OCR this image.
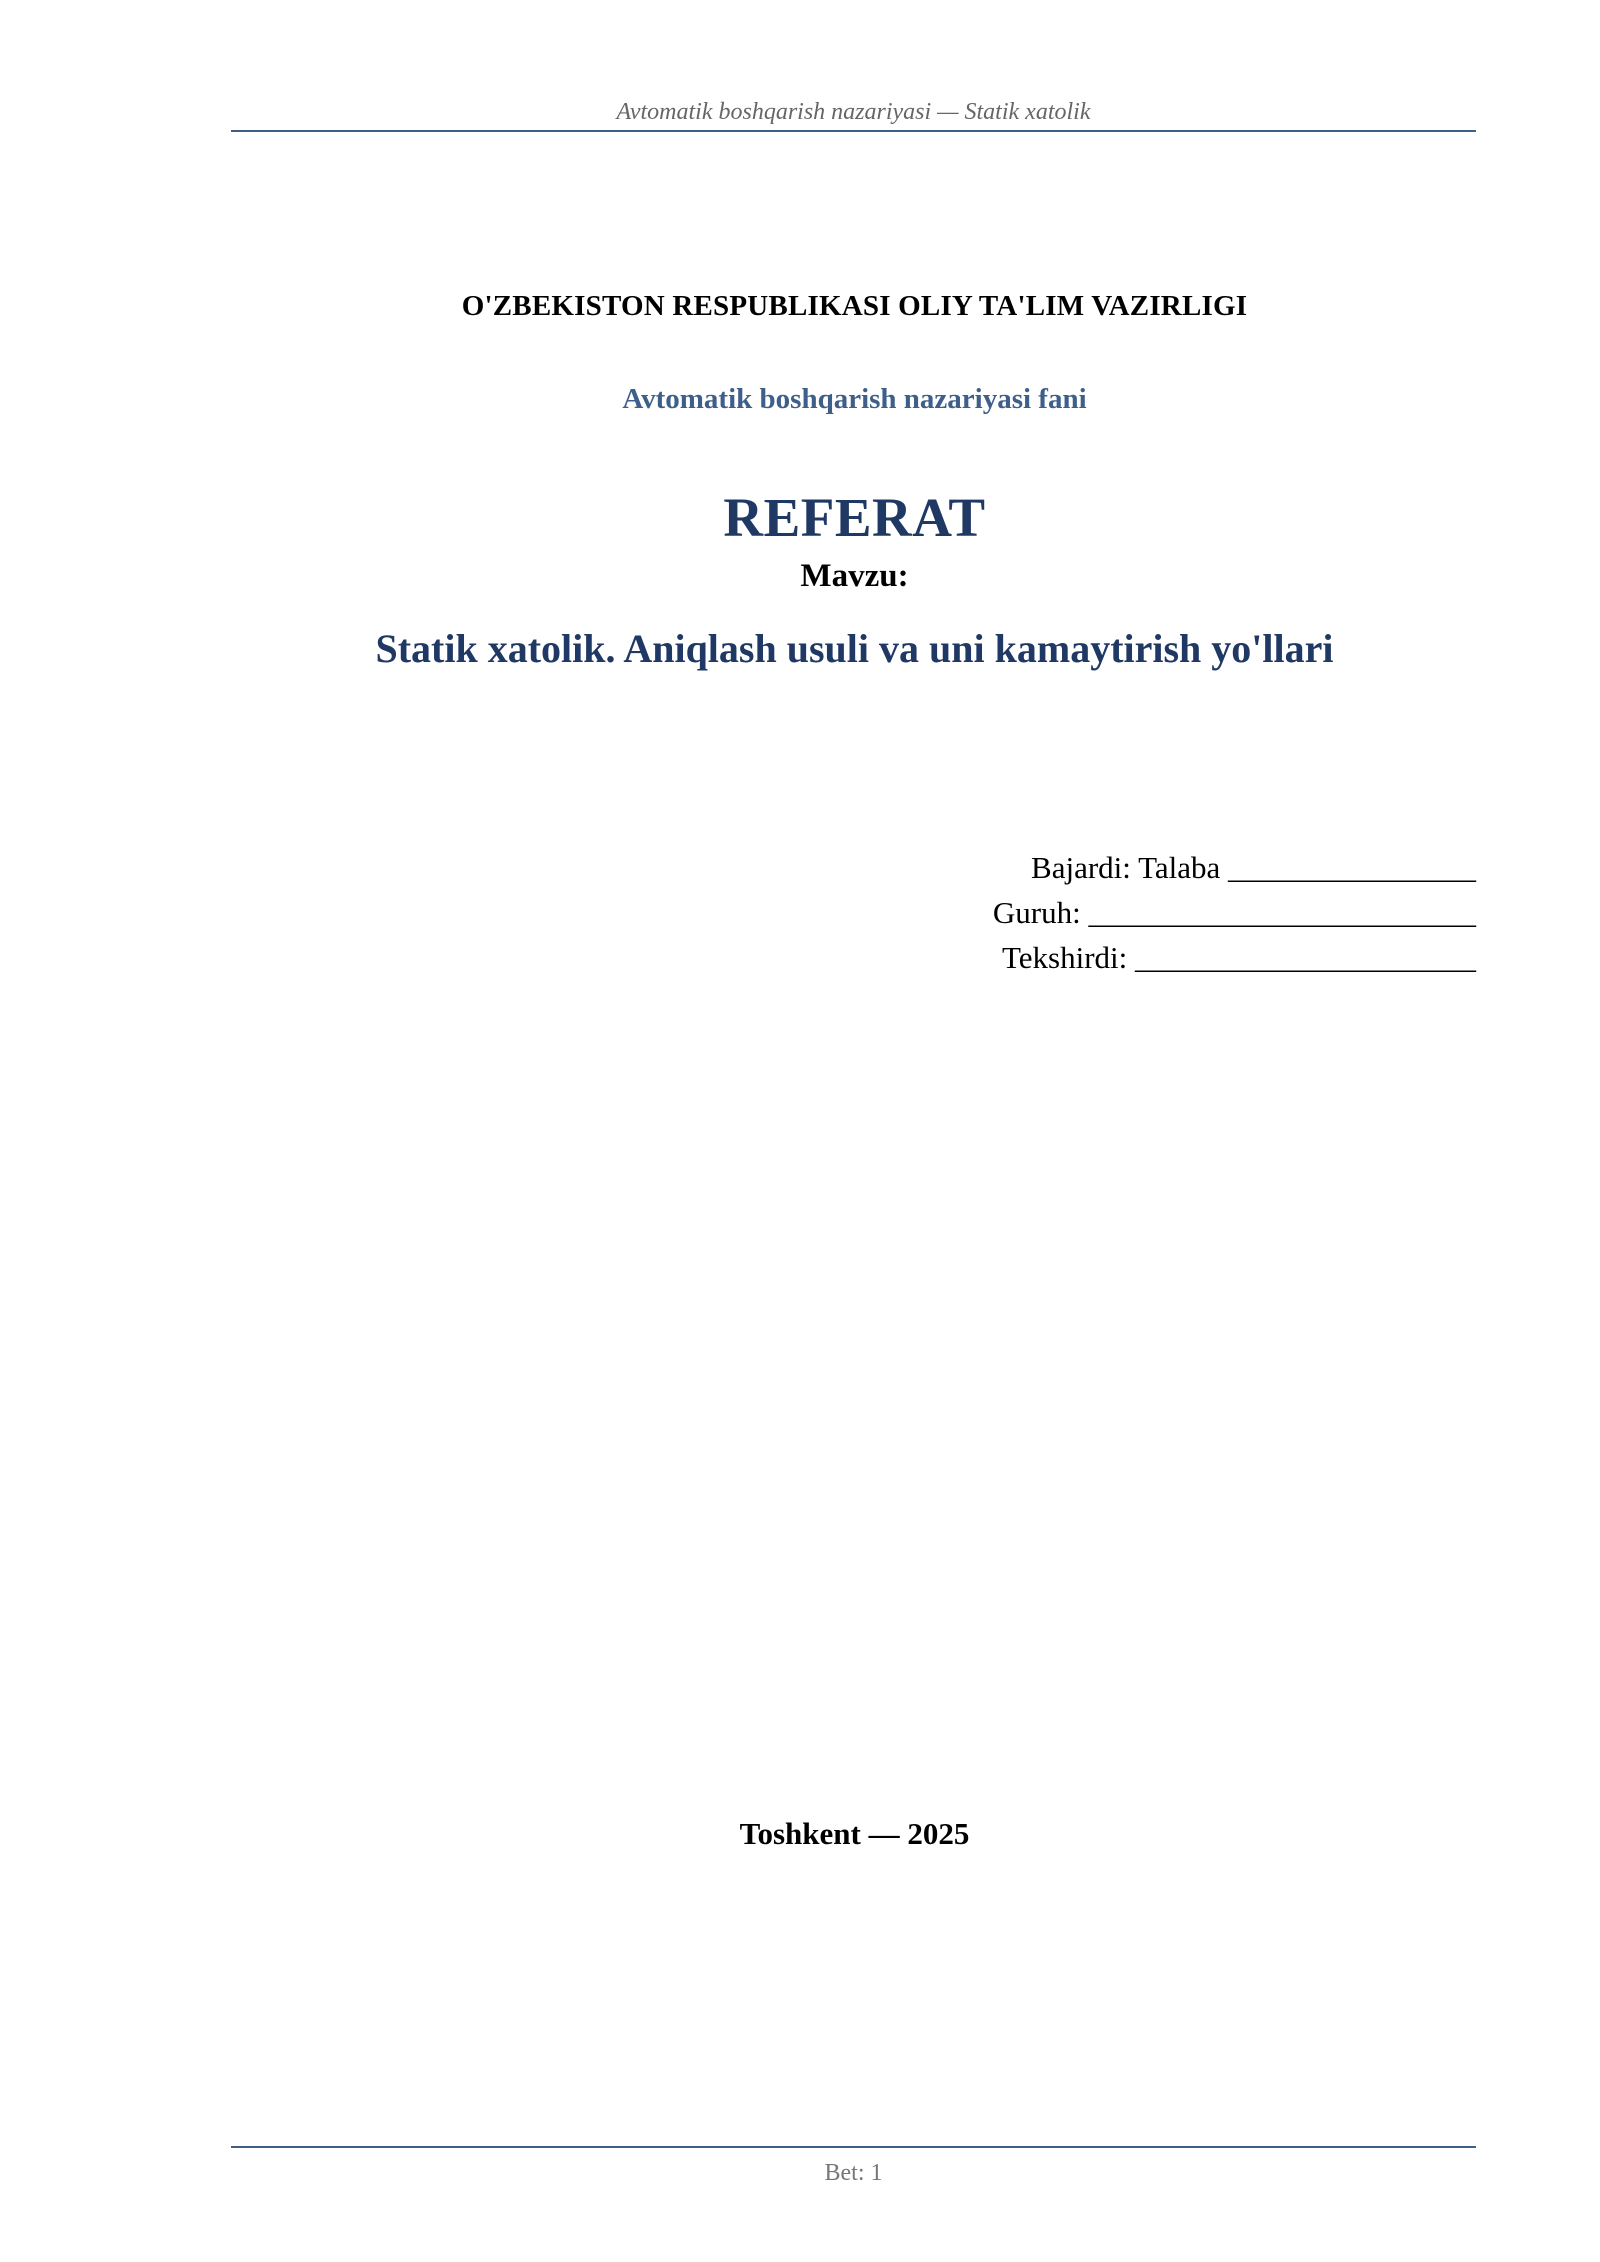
Avtomatik boshqarish nazariyasi — Statik xatolik
O'ZBEKISTON RESPUBLIKASI OLIY TA'LIM VAZIRLIGI
Avtomatik boshqarish nazariyasi fani
REFERAT
Mavzu:
Statik xatolik. Aniqlash usuli va uni kamaytirish yo'llari
Bajardi: Talaba ________________
Guruh: _________________________
Tekshirdi: ______________________
Toshkent — 2025
Bet: 1
